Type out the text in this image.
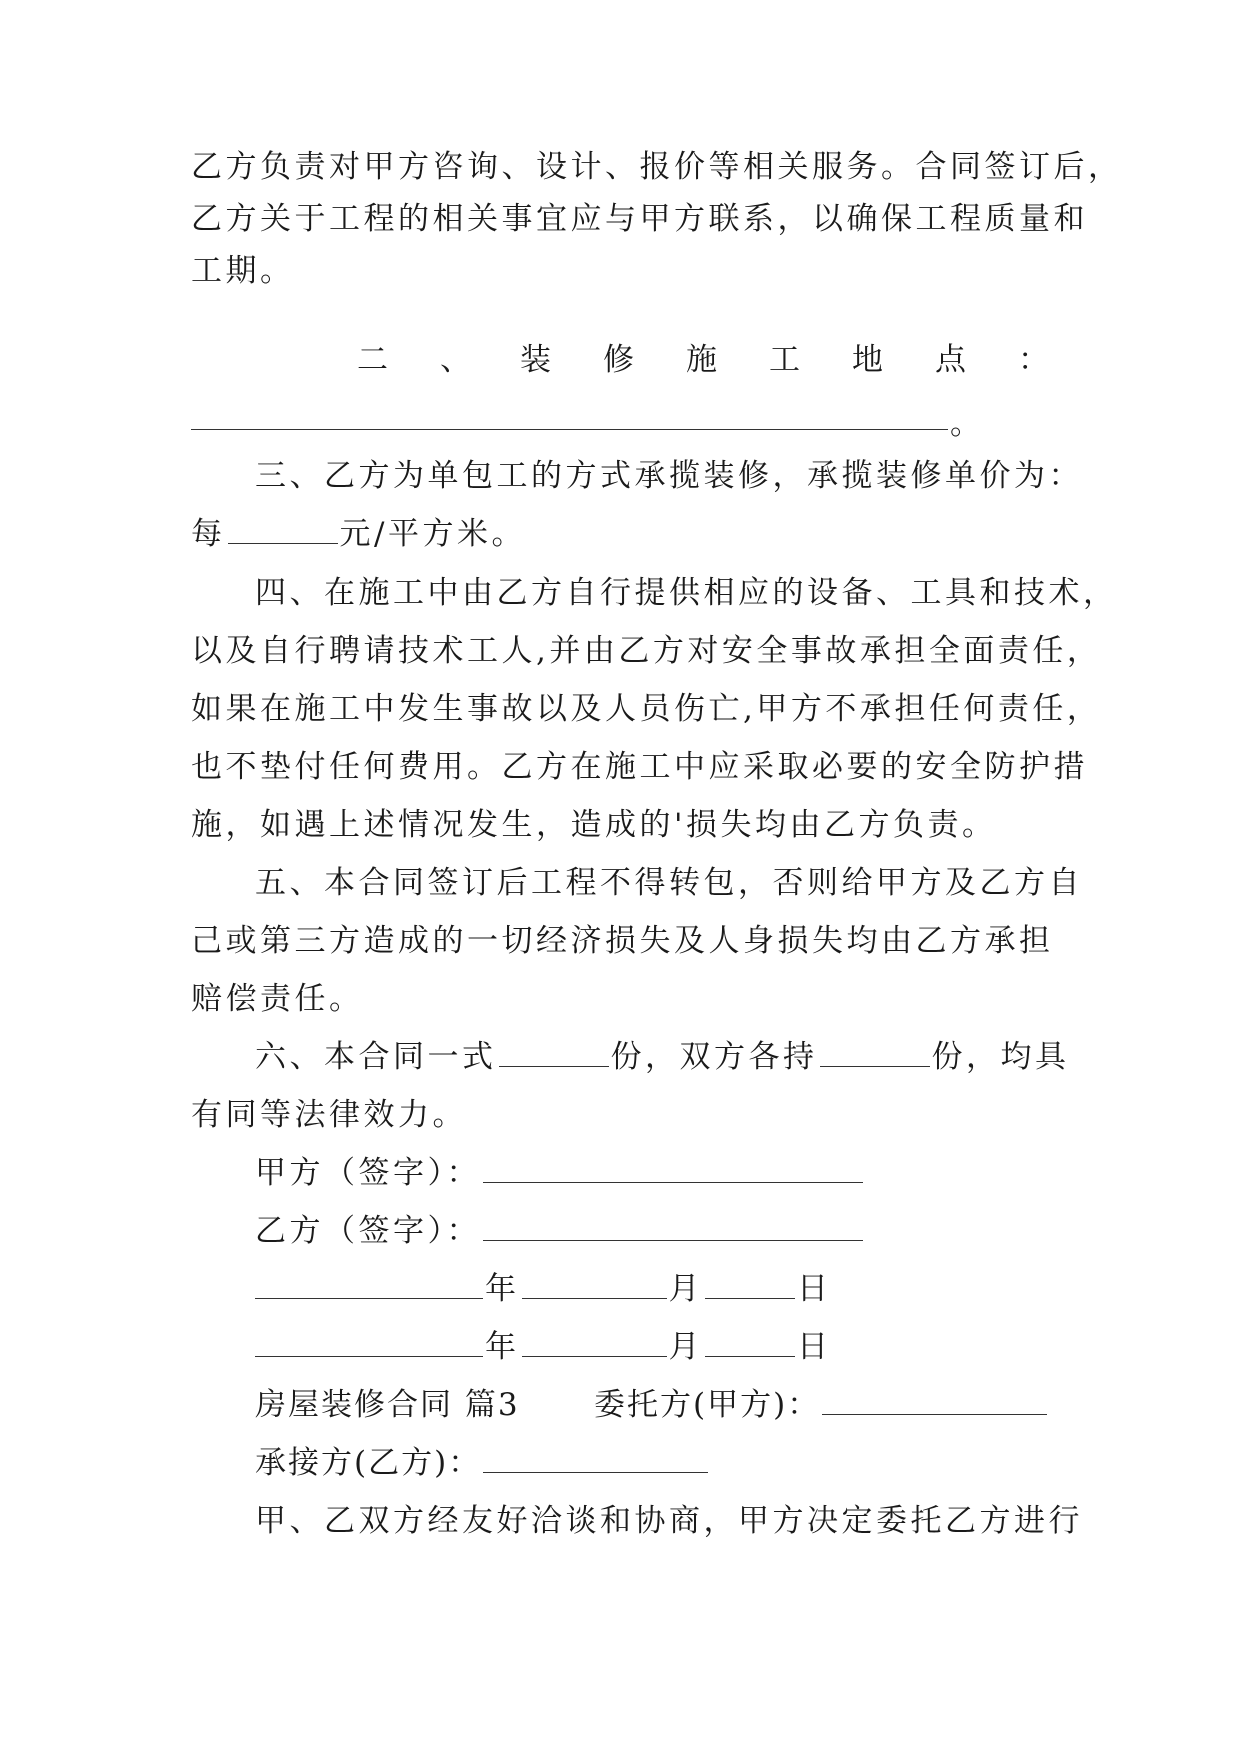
乙方负责对甲方咨询、设计、报价等相关服务。合同签订后，
乙方关于工程的相关事宜应与甲方联系，以确保工程质量和
工期。
二 、 装 修 施 工 地 点 ：
。
三、乙方为单包工的方式承揽装修，承揽装修单价为：
每	元/平方米。
四、在施工中由乙方自行提供相应的设备、工具和技术，
以及自行聘请技术工人,并由乙方对安全事故承担全面责任，
如果在施工中发生事故以及人员伤亡,甲方不承担任何责任，
也不垫付任何费用。乙方在施工中应采取必要的安全防护措
施，如遇上述情况发生，造成的'损失均由乙方负责。
五、本合同签订后工程不得转包，否则给甲方及乙方自
己或第三方造成的一切经济损失及人身损失均由乙方承担
赔偿责任。
六、本合同一式	份，双方各持	份，均具
有同等法律效力。
甲方（签字）：
乙方（签字）：
年	月	日
年	月	日
房屋装修合同 篇3 委托方(甲方)：
承接方(乙方)：
甲、乙双方经友好洽谈和协商，甲方决定委托乙方进行
